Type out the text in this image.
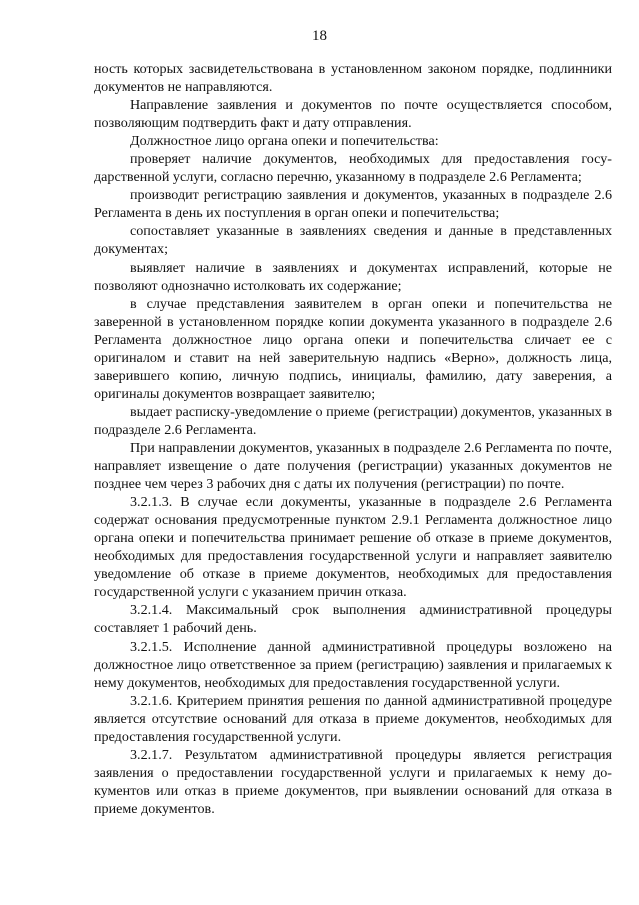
18

ность которых засвидетельствована в установленном законом порядке, подлинники документов не направляются.

Направление заявления и документов по почте осуществляется способом, позволяющим подтвердить факт и дату отправления.

Должностное лицо органа опеки и попечительства:

проверяет наличие документов, необходимых для предоставления государственной услуги, согласно перечню, указанному в подразделе 2.6 Регламента;

производит регистрацию заявления и документов, указанных в подразделе 2.6 Регламента в день их поступления в орган опеки и попечительства;

сопоставляет указанные в заявлениях сведения и данные в представленных документах;

выявляет наличие в заявлениях и документах исправлений, которые не позволяют однозначно истолковать их содержание;

в случае представления заявителем в орган опеки и попечительства не заверенной в установленном порядке копии документа указанного в подразделе 2.6 Регламента должностное лицо органа опеки и попечительства сличает ее с оригиналом и ставит на ней заверительную надпись «Верно», должность лица, заверившего копию, личную подпись, инициалы, фамилию, дату заверения, а оригиналы документов возвращает заявителю;

выдает расписку-уведомление о приеме (регистрации) документов, указанных в подразделе 2.6 Регламента.

При направлении документов, указанных в подразделе 2.6 Регламента по почте, направляет извещение о дате получения (регистрации) указанных документов не позднее чем через 3 рабочих дня с даты их получения (регистрации) по почте.

3.2.1.3. В случае если документы, указанные в подразделе 2.6 Регламента содержат основания предусмотренные пунктом 2.9.1 Регламента должностное лицо органа опеки и попечительства принимает решение об отказе в приеме документов, необходимых для предоставления государственной услуги и направляет заявителю уведомление об отказе в приеме документов, необходимых для предоставления государственной услуги с указанием причин отказа.

3.2.1.4. Максимальный срок выполнения административной процедуры составляет 1 рабочий день.

3.2.1.5. Исполнение данной административной процедуры возложено на должностное лицо ответственное за прием (регистрацию) заявления и прилагаемых к нему документов, необходимых для предоставления государственной услуги.

3.2.1.6. Критерием принятия решения по данной административной процедуре является отсутствие оснований для отказа в приеме документов, необходимых для предоставления государственной услуги.

3.2.1.7. Результатом административной процедуры является регистрация заявления о предоставлении государственной услуги и прилагаемых к нему документов или отказ в приеме документов, при выявлении оснований для отказа в приеме документов.
